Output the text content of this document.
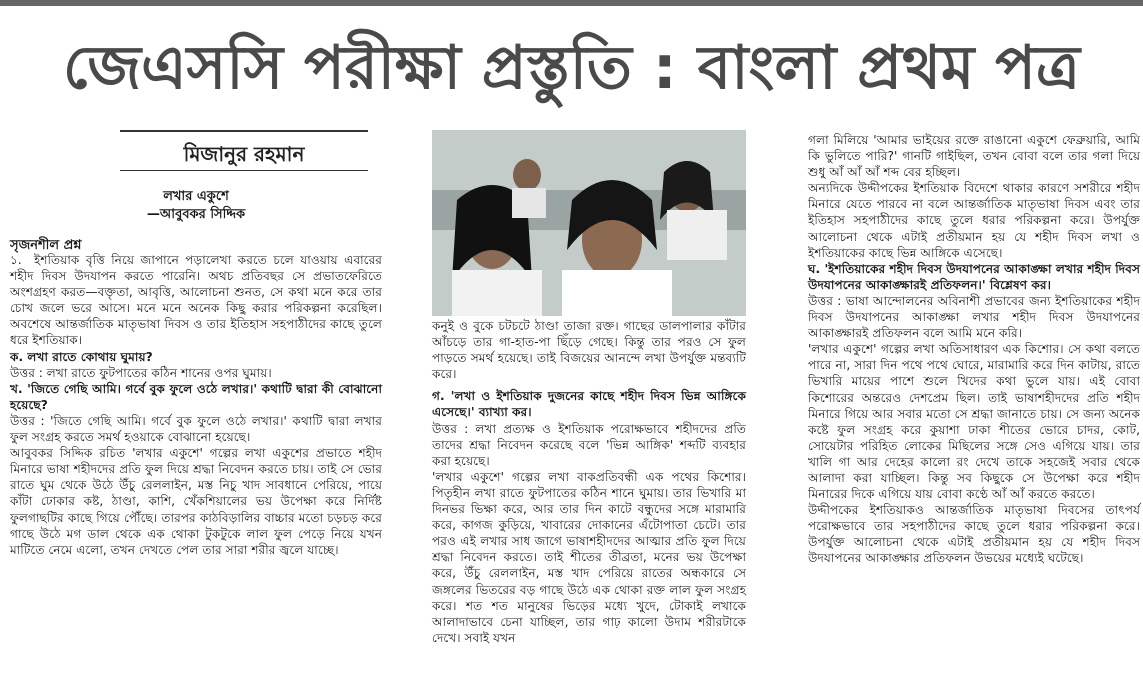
জেএসসি পরীক্ষা প্রস্তুতি : বাংলা প্রথম পত্র
মিজানুর রহমান
লখার একুশে
—আবুবকর সিদ্দিক
সৃজনশীল প্রশ্ন

১. ইশতিয়াক বৃত্তি নিয়ে জাপানে পড়ালেখা করতে চলে যাওয়ায় এবারের শহীদ দিবস উদযাপন করতে পারেনি। অথচ প্রতিবছর সে প্রভাতফেরিতে অংশগ্রহণ করত—বক্তৃতা, আবৃত্তি, আলোচনা শুনত, সে কথা মনে করে তার চোখ জলে ভরে আসে। মনে মনে অনেক কিছু করার পরিকল্পনা করেছিল। অবশেষে আন্তর্জাতিক মাতৃভাষা দিবস ও তার ইতিহাস সহপাঠীদের কাছে তুলে ধরে ইশতিয়াক।

ক. লখা রাতে কোথায় ঘুমায়?

উত্তর : লখা রাতে ফুটপাতের কঠিন শানের ওপর ঘুমায়।

খ. 'জিতে গেছি আমি। গর্বে বুক ফুলে ওঠে লখার।' কথাটি দ্বারা কী বোঝানো হয়েছে?

উত্তর : 'জিতে গেছি আমি। গর্বে বুক ফুলে ওঠে লখার।' কথাটি দ্বারা লখার ফুল সংগ্রহ করতে সমর্থ হওয়াকে বোঝানো হয়েছে।

আবুবকর সিদ্দিক রচিত 'লখার একুশে' গল্পের লখা একুশের প্রভাতে শহীদ মিনারে ভাষা শহীদদের প্রতি ফুল দিয়ে শ্রদ্ধা নিবেদন করতে চায়। তাই সে ভোর রাতে ঘুম থেকে উঠে উঁচু রেললাইন, মস্ত নিচু খাদ সাবধানে পেরিয়ে, পায়ে কাঁটা ঢোকার কষ্ট, ঠাণ্ডা, কাশি, খেঁকশিয়ালের ভয় উপেক্ষা করে নির্দিষ্ট ফুলগাছটির কাছে গিয়ে পৌঁছে। তারপর কাঠবিড়ালির বাচ্চার মতো চড়চড় করে গাছে উঠে মগ ডাল থেকে এক থোকা টুকটুকে লাল ফুল পেড়ে নিয়ে যখন মাটিতে নেমে এলো, তখন দেখতে পেল তার সারা শরীর জ্বলে যাচ্ছে।

কনুই ও বুকে চটচটে ঠাণ্ডা তাজা রক্ত। গাছের ডালপালার কাঁটার আঁচড়ে তার গা-হাত-পা ছিঁড়ে গেছে। কিন্তু তার পরও সে ফুল পাড়তে সমর্থ হয়েছে। তাই বিজয়ের আনন্দে লখা উপর্যুক্ত মন্তব্যটি করে।

গ. 'লখা ও ইশতিয়াক দুজনের কাছে শহীদ দিবস ভিন্ন আঙ্গিকে এসেছে।' ব্যাখ্যা কর।

উত্তর : লখা প্রত্যক্ষ ও ইশতিয়াক পরোক্ষভাবে শহীদদের প্রতি তাদের শ্রদ্ধা নিবেদন করেছে বলে 'ভিন্ন আঙ্গিক' শব্দটি ব্যবহার করা হয়েছে।

'লখার একুশে' গল্পের লখা বাকপ্রতিবন্ধী এক পথের কিশোর। পিতৃহীন লখা রাতে ফুটপাতের কঠিন শানে ঘুমায়। তার ভিখারি মা দিনভর ভিক্ষা করে, আর তার দিন কাটে বন্ধুদের সঙ্গে মারামারি করে, কাগজ কুড়িয়ে, খাবারের দোকানের এঁটোপাতা চেটে। তার পরও এই লখার সাধ জাগে ভাষাশহীদদের আত্মার প্রতি ফুল দিয়ে শ্রদ্ধা নিবেদন করতে। তাই শীতের তীব্রতা, মনের ভয় উপেক্ষা করে, উঁচু রেললাইন, মস্ত খাদ পেরিয়ে রাতের অন্ধকারে সে জঙ্গলের ভিতরের বড় গাছে উঠে এক থোকা রক্ত লাল ফুল সংগ্রহ করে। শত শত মানুষের ভিড়ের মধ্যে খুদে, টোকাই লখাকে আলাদাভাবে চেনা যাচ্ছিল, তার গাঢ় কালো উদাম শরীরটাকে দেখে। সবাই যখন

গলা মিলিয়ে 'আমার ভাইয়ের রক্তে রাঙানো একুশে ফেব্রুয়ারি, আমি কি ভুলিতে পারি?' গানটি গাইছিল, তখন বোবা বলে তার গলা দিয়ে শুধু আঁ আঁ আঁ শব্দ বের হচ্ছিল।

অন্যদিকে উদ্দীপকের ইশতিয়াক বিদেশে থাকার কারণে সশরীরে শহীদ মিনারে যেতে পারবে না বলে আন্তর্জাতিক মাতৃভাষা দিবস এবং তার ইতিহাস সহপাঠীদের কাছে তুলে ধরার পরিকল্পনা করে। উপর্যুক্ত আলোচনা থেকে এটাই প্রতীয়মান হয় যে শহীদ দিবস লখা ও ইশতিয়াকের কাছে ভিন্ন আঙ্গিকে এসেছে।

ঘ. 'ইশতিয়াকের শহীদ দিবস উদযাপনের আকাঙ্ক্ষা লখার শহীদ দিবস উদযাপনের আকাঙ্ক্ষারই প্রতিফলন।' বিশ্লেষণ কর।

উত্তর : ভাষা আন্দোলনের অবিনাশী প্রভাবের জন্য ইশতিয়াকের শহীদ দিবস উদযাপনের আকাঙ্ক্ষা লখার শহীদ দিবস উদযাপনের আকাঙ্ক্ষারই প্রতিফলন বলে আমি মনে করি।

'লখার একুশে' গল্পের লখা অতিসাধারণ এক কিশোর। সে কথা বলতে পারে না, সারা দিন পথে পথে ঘোরে, মারামারি করে দিন কাটায়, রাতে ভিখারি মায়ের পাশে শুলে খিদের কথা ভুলে যায়। এই বোবা কিশোরের অন্তরেও দেশপ্রেম ছিল। তাই ভাষাশহীদদের প্রতি শহীদ মিনারে গিয়ে আর সবার মতো সে শ্রদ্ধা জানাতে চায়। সে জন্য অনেক কষ্টে ফুল সংগ্রহ করে কুয়াশা ঢাকা শীতের ভোরে চাদর, কোট, সোয়েটার পরিহিত লোকের মিছিলের সঙ্গে সেও এগিয়ে যায়। তার খালি গা আর দেহের কালো রং দেখে তাকে সহজেই সবার থেকে আলাদা করা যাচ্ছিল। কিন্তু সব কিছুকে সে উপেক্ষা করে শহীদ মিনারের দিকে এগিয়ে যায় বোবা কণ্ঠে আঁ আঁ করতে করতে।

উদ্দীপকের ইশতিয়াকও আন্তর্জাতিক মাতৃভাষা দিবসের তাৎপর্য পরোক্ষভাবে তার সহপাঠীদের কাছে তুলে ধরার পরিকল্পনা করে। উপর্যুক্ত আলোচনা থেকে এটাই প্রতীয়মান হয় যে শহীদ দিবস উদযাপনের আকাঙ্ক্ষার প্রতিফলন উভয়ের মধ্যেই ঘটেছে।
